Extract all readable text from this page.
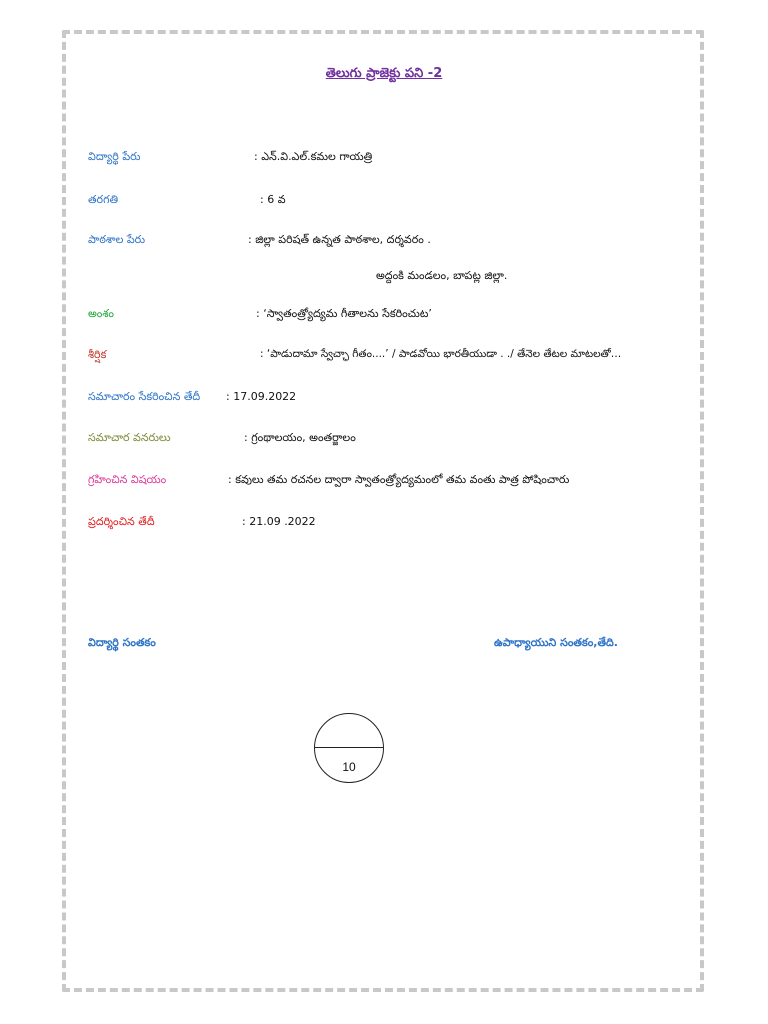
తెలుగు ప్రాజెక్టు పని -2
విద్యార్థి పేరు	: ఎన్.వి.ఎల్.కమల గాయత్రి
తరగతి	: 6 వ
పాఠశాల పేరు	: జిల్లా పరిషత్ ఉన్నత పాఠశాల, దర్శవరం .
అద్దంకి మండలం, బాపట్ల జిల్లా.
అంశం	: ‘స్వాతంత్ర్యోద్యమ గీతాలను సేకరించుట’
శీర్షిక	: ‘పాడుదామా స్వేచ్ఛా గీతం....’ / పాడవోయి భారతీయుడా . ./ తేనెల తేటల మాటలతో…
సమాచారం సేకరించిన తేదీ : 17.09.2022
సమాచార వనరులు	: గ్రంథాలయం, అంతర్జాలం
గ్రహించిన విషయం	: కవులు తమ రచనల ద్వారా స్వాతంత్ర్యోద్యమంలో తమ వంతు పాత్ర పోషించారు
ప్రదర్శించిన తేదీ	: 21.09 .2022
విద్యార్థి సంతకం	ఉపాధ్యాయుని సంతకం,తేది.
10
